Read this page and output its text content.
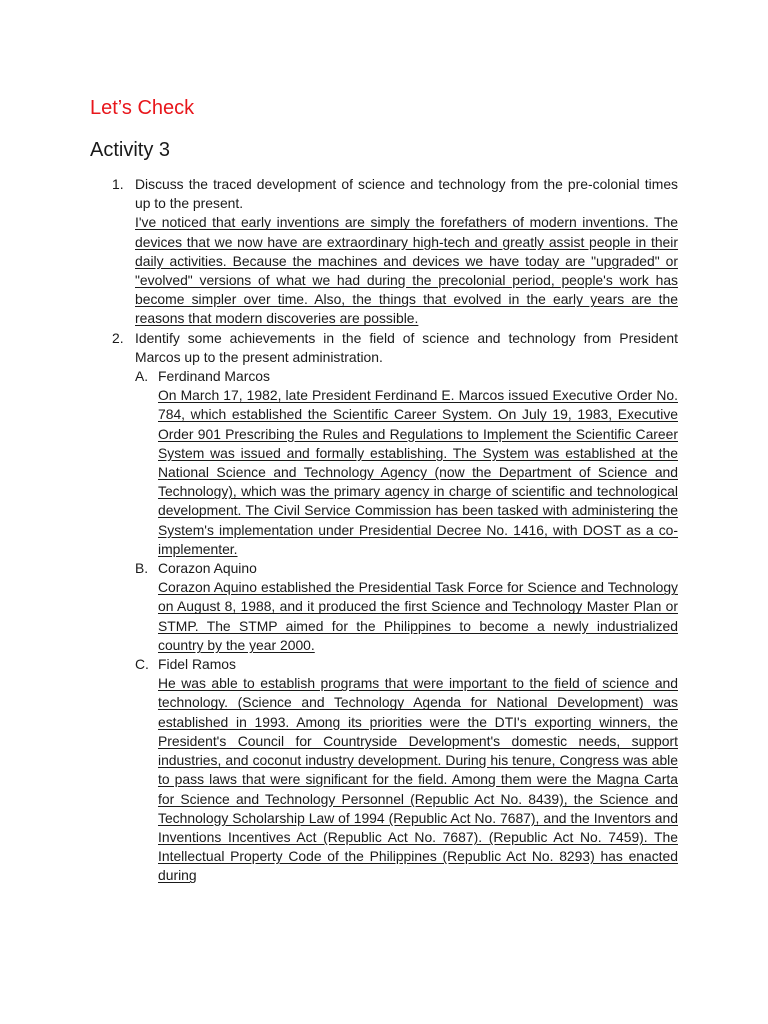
Let’s Check
Activity 3
1. Discuss the traced development of science and technology from the pre-colonial times up to the present.
I've noticed that early inventions are simply the forefathers of modern inventions. The devices that we now have are extraordinary high-tech and greatly assist people in their daily activities. Because the machines and devices we have today are "upgraded" or "evolved" versions of what we had during the precolonial period, people's work has become simpler over time. Also, the things that evolved in the early years are the reasons that modern discoveries are possible.
2. Identify some achievements in the field of science and technology from President Marcos up to the present administration.
A. Ferdinand Marcos
On March 17, 1982, late President Ferdinand E. Marcos issued Executive Order No. 784, which established the Scientific Career System. On July 19, 1983, Executive Order 901 Prescribing the Rules and Regulations to Implement the Scientific Career System was issued and formally establishing. The System was established at the National Science and Technology Agency (now the Department of Science and Technology), which was the primary agency in charge of scientific and technological development. The Civil Service Commission has been tasked with administering the System's implementation under Presidential Decree No. 1416, with DOST as a co-implementer.
B. Corazon Aquino
Corazon Aquino established the Presidential Task Force for Science and Technology on August 8, 1988, and it produced the first Science and Technology Master Plan or STMP. The STMP aimed for the Philippines to become a newly industrialized country by the year 2000.
C. Fidel Ramos
He was able to establish programs that were important to the field of science and technology. (Science and Technology Agenda for National Development) was established in 1993. Among its priorities were the DTI's exporting winners, the President's Council for Countryside Development's domestic needs, support industries, and coconut industry development. During his tenure, Congress was able to pass laws that were significant for the field. Among them were the Magna Carta for Science and Technology Personnel (Republic Act No. 8439), the Science and Technology Scholarship Law of 1994 (Republic Act No. 7687), and the Inventors and Inventions Incentives Act (Republic Act No. 7687). (Republic Act No. 7459). The Intellectual Property Code of the Philippines (Republic Act No. 8293) has enacted during
